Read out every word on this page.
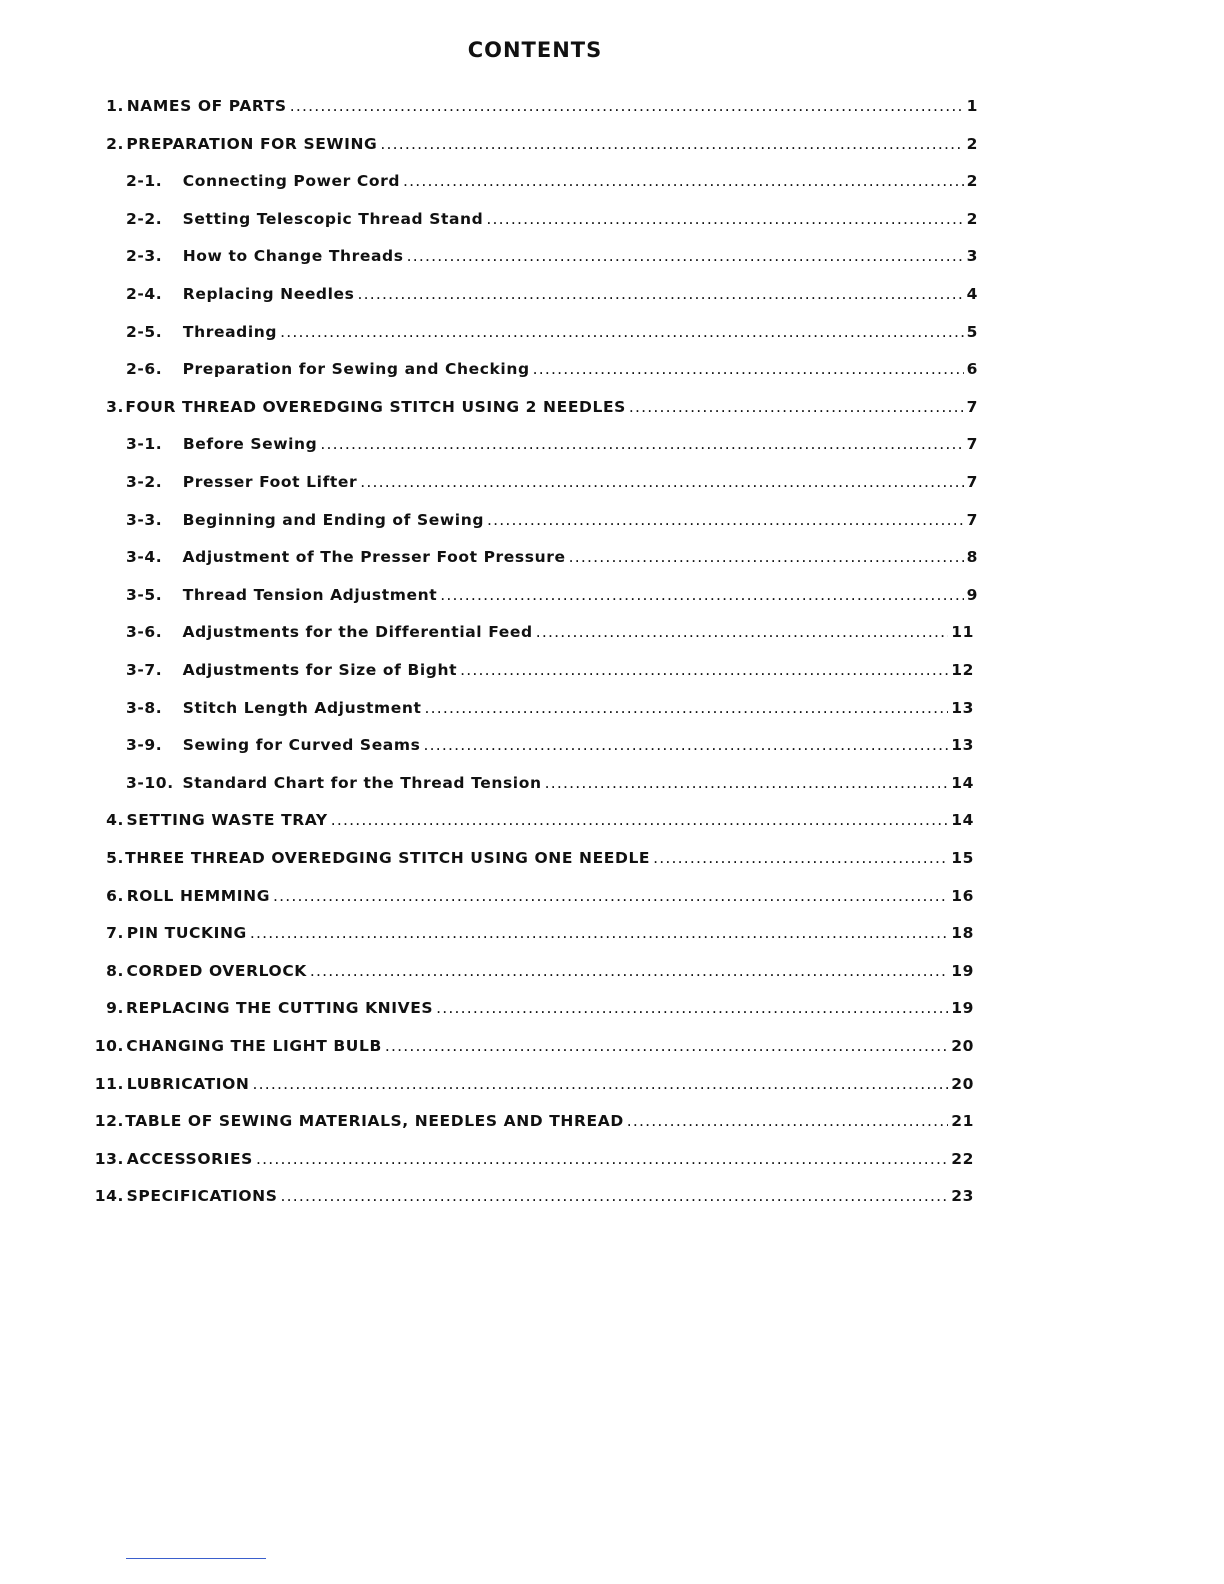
CONTENTS
1. NAMES OF PARTS .....	1
2. PREPARATION FOR SEWING .....	2
2-1.	Connecting Power Cord .....	2
2-2.	Setting Telescopic Thread Stand .....	2
2-3.	How to Change Threads .....	3
2-4.	Replacing Needles .....	4
2-5.	Threading .....	5
2-6.	Preparation for Sewing and Checking .....	6
3. FOUR THREAD OVEREDGING STITCH USING 2 NEEDLES .....	7
3-1.	Before Sewing .....	7
3-2.	Presser Foot Lifter .....	7
3-3.	Beginning and Ending of Sewing .....	7
3-4.	Adjustment of The Presser Foot Pressure .....	8
3-5.	Thread Tension Adjustment .....	9
3-6.	Adjustments for the Differential Feed .....	11
3-7.	Adjustments for Size of Bight .....	12
3-8.	Stitch Length Adjustment .....	13
3-9.	Sewing for Curved Seams .....	13
3-10. Standard Chart for the Thread Tension .....	14
4. SETTING WASTE TRAY .....	14
5. THREE THREAD OVEREDGING STITCH USING ONE NEEDLE .....	15
6. ROLL HEMMING .....	16
7. PIN TUCKING .....	18
8. CORDED OVERLOCK .....	19
9. REPLACING THE CUTTING KNIVES .....	19
10. CHANGING THE LIGHT BULB .....	20
11. LUBRICATION .....	20
12. TABLE OF SEWING MATERIALS, NEEDLES AND THREAD .....	21
13. ACCESSORIES .....	22
14. SPECIFICATIONS .....	23
